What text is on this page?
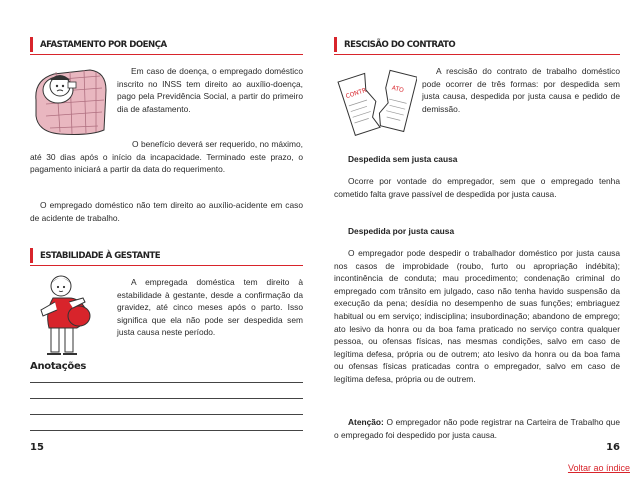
AFASTAMENTO POR DOENÇA

Em caso de doença, o empregado doméstico inscrito no INSS tem direito ao auxílio-doença, pago pela Previdência Social, a partir do primeiro dia de afastamento.

O benefício deverá ser requerido, no máximo, até 30 dias após o início da incapacidade. Terminado este prazo, o pagamento iniciará a partir da data do requerimento.

O empregado doméstico não tem direito ao auxílio-acidente em caso de acidente de trabalho.

ESTABILIDADE À GESTANTE

A empregada doméstica tem direito à estabilidade à gestante, desde a confirmação da gravidez, até cinco meses após o parto. Isso significa que ela não pode ser despedida sem justa causa neste período.

Anotações
15
RESCISÃO DO CONTRATO
CONTR	ATO

A rescisão do contrato de trabalho doméstico pode ocorrer de três formas: por despedida sem justa causa, despedida por justa causa e pedido de demissão.

Despedida sem justa causa

Ocorre por vontade do empregador, sem que o empregado tenha cometido falta grave passível de despedida por justa causa.

Despedida por justa causa

O empregador pode despedir o trabalhador doméstico por justa causa nos casos de improbidade (roubo, furto ou apropriação indébita); incontinência de conduta; mau procedimento; condenação criminal do empregado com trânsito em julgado, caso não tenha havido suspensão da execução da pena; desídia no desempenho de suas funções; embriaguez habitual ou em serviço; indisciplina; insubordinação; abandono de emprego; ato lesivo da honra ou da boa fama praticado no serviço contra qualquer pessoa, ou ofensas físicas, nas mesmas condições, salvo em caso de legítima defesa, própria ou de outrem; ato lesivo da honra ou da boa fama ou ofensas físicas praticadas contra o empregador, salvo em caso de legítima defesa, própria ou de outrem.

Atenção: O empregador não pode registrar na Carteira de Trabalho que o empregado foi despedido por justa causa.

16
Voltar ao índice
